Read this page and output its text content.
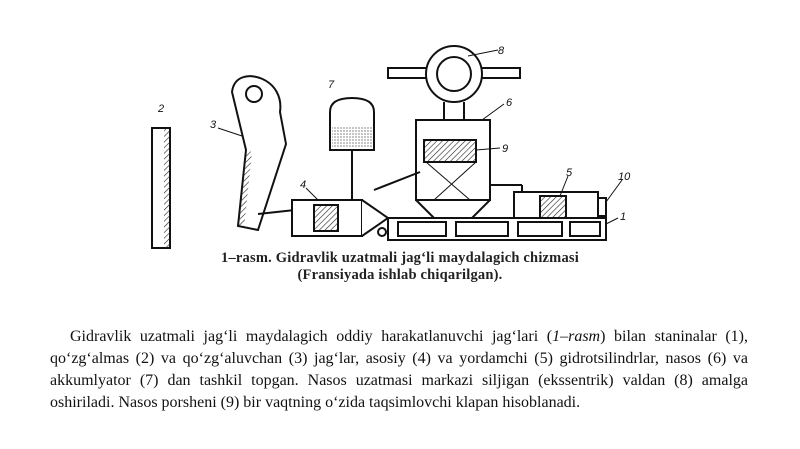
2
3
7
4
8
6
9
5	10
1
1–rasm. Gidravlik uzatmali jag‘li maydalagich chizmasi
(Fransiyada ishlab chiqarilgan).

Gidravlik uzatmali jag‘li maydalagich oddiy harakatlanuvchi jag‘lari (1–rasm) bilan staninalar (1), qo‘zg‘almas (2) va qo‘zg‘aluvchan (3) jag‘lar, asosiy (4) va yordamchi (5) gidrotsilindrlar, nasos (6) va akkumlyator (7) dan tashkil topgan. Nasos uzatmasi markazi siljigan (ekssentrik) valdan (8) amalga oshiriladi. Nasos porsheni (9) bir vaqtning o‘zida taqsimlovchi klapan hisoblanadi.
